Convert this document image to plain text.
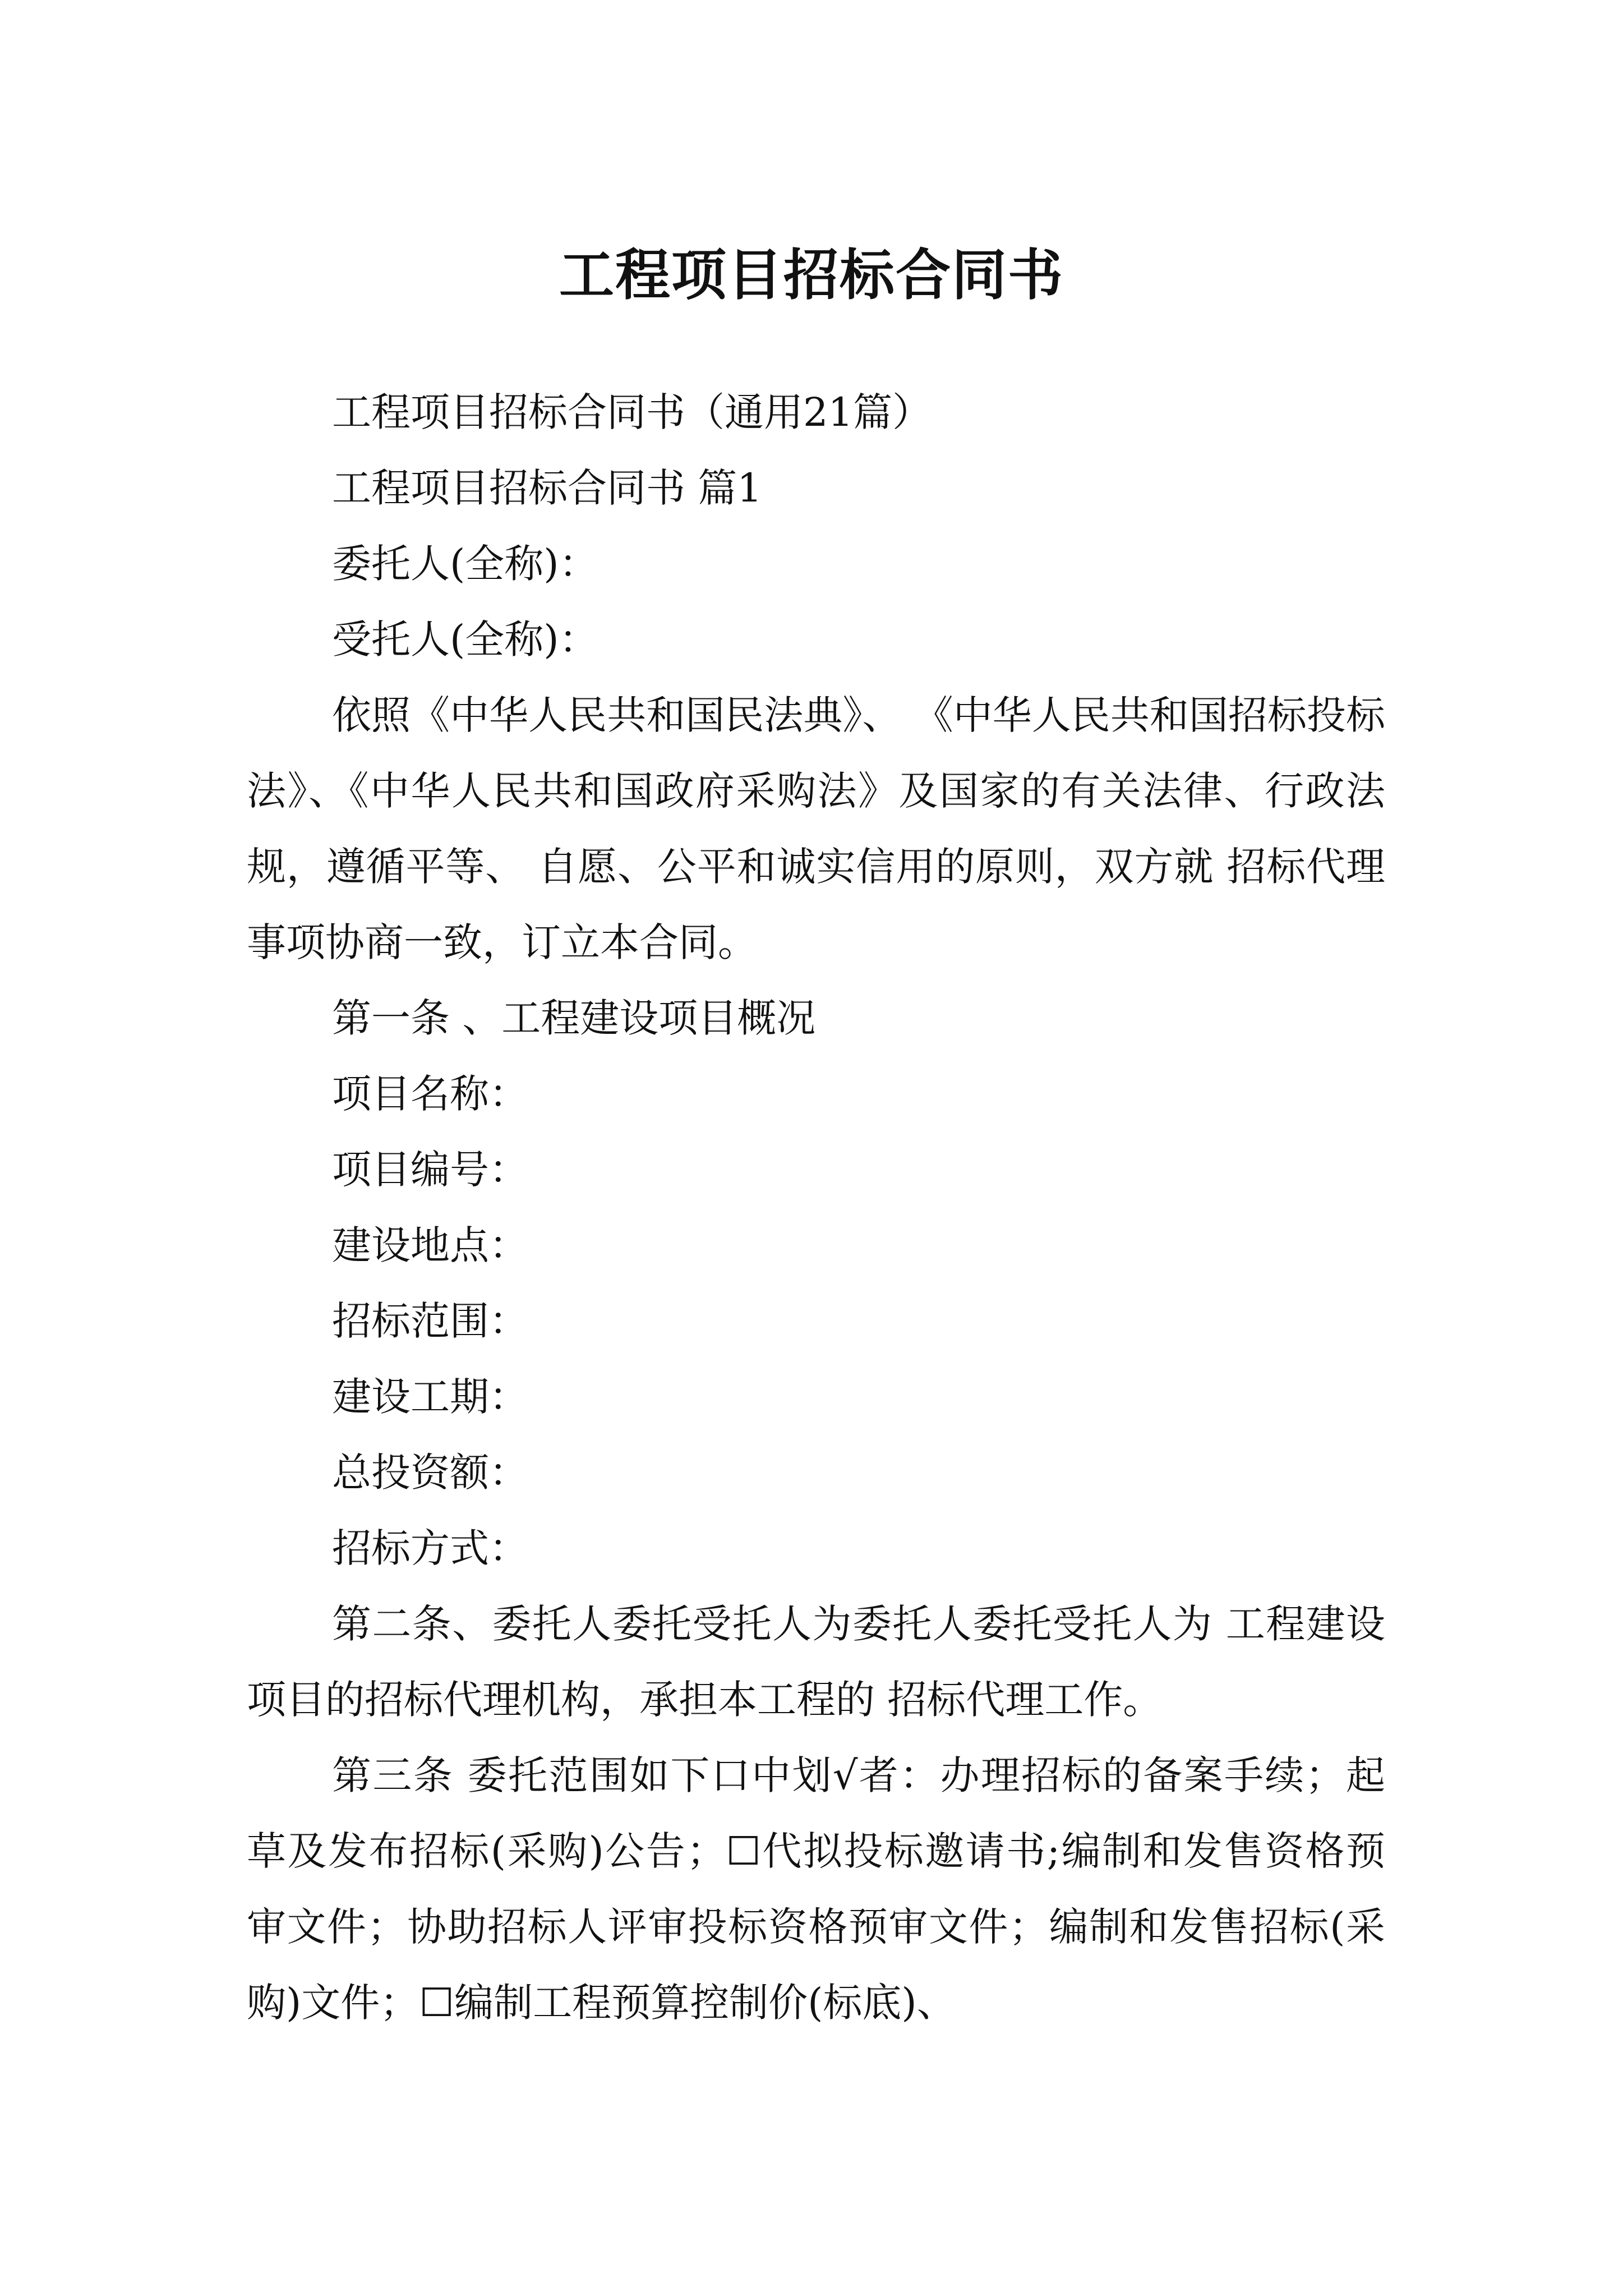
工程项目招标合同书

工程项目招标合同书（通用21篇）

工程项目招标合同书 篇1

委托人(全称)：

受托人(全称)：

依照《中华人民共和国民法典》、 《中华人民共和国招标投标法》、《中华人民共和国政府采购法》及国家的有关法律、行政法规，遵循平等、 自愿、公平和诚实信用的原则，双方就 招标代理事项协商一致，订立本合同。

第一条 、工程建设项目概况

项目名称：

项目编号：

建设地点：

招标范围：

建设工期：

总投资额：

招标方式：

第二条、委托人委托受托人为委托人委托受托人为 工程建设项目的招标代理机构，承担本工程的 招标代理工作。

第三条 委托范围如下口中划√者：办理招标的备案手续；起草及发布招标(采购)公告；☐代拟投标邀请书;编制和发售资格预审文件；协助招标人评审投标资格预审文件；编制和发售招标(采购)文件；☐编制工程预算控制价(标底)、
